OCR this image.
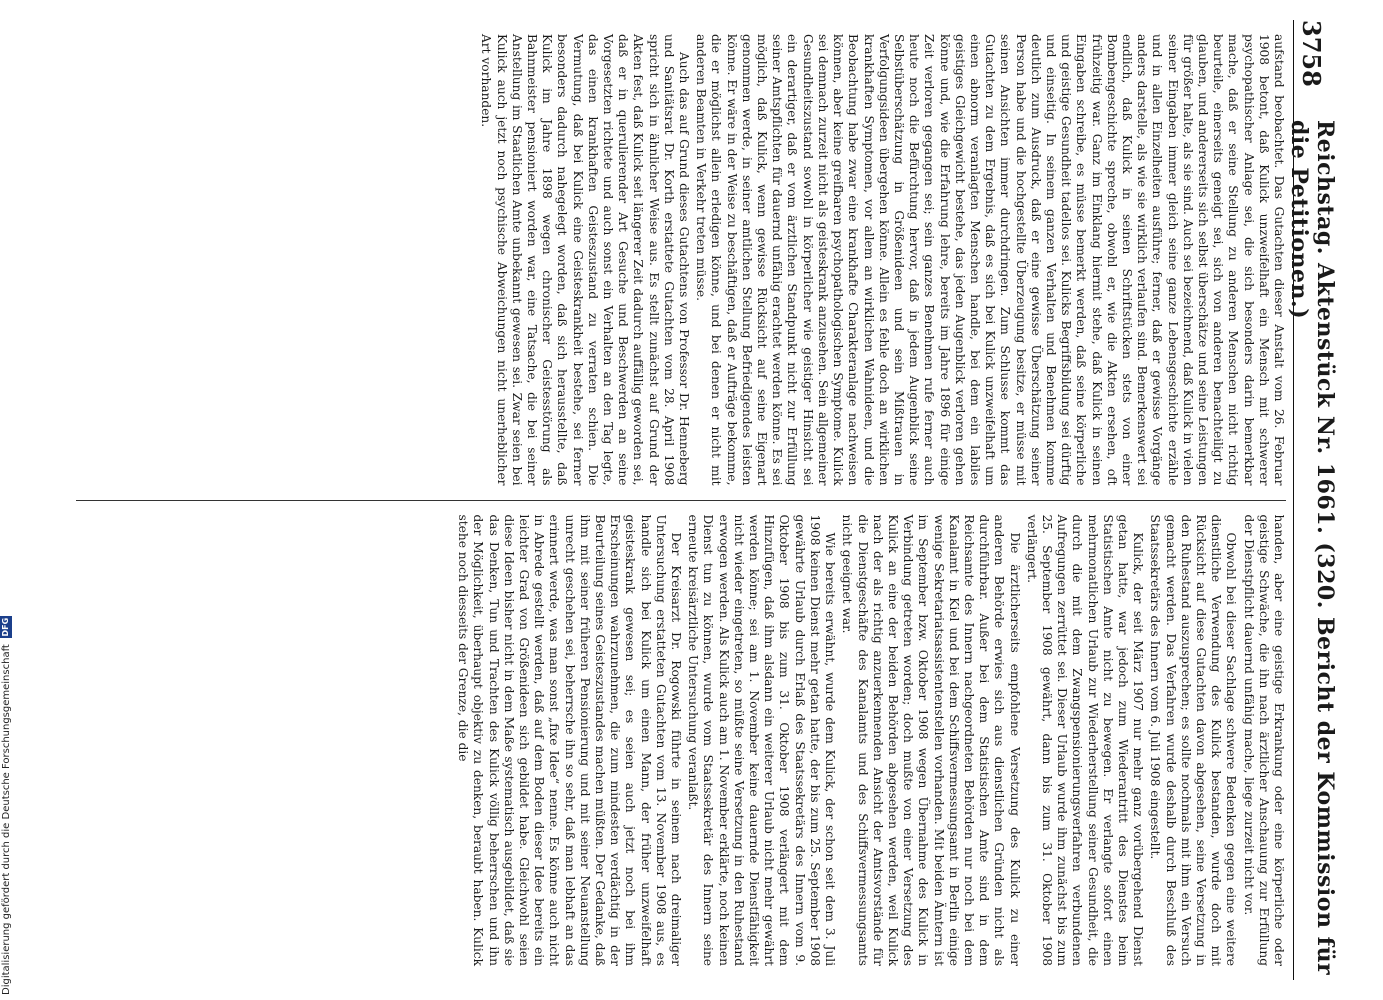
3758
Reichstag. Aktenstück Nr. 1661. (320. Bericht der Kommission für die Petitionen.)

aufstand beobachtet. Das Gutachten dieser Anstalt vom 26. Februar 1908 betont, daß Kulick unzweifelhaft ein Mensch mit schwerer psychopathischer Anlage sei, die sich besonders darin bemerkbar mache, daß er seine Stellung zu anderen Menschen nicht richtig beurteile, einerseits geneigt sei, sich von anderen benachteiligt zu glauben, und andererseits sich selbst überschätze und seine Leistungen für größer halte, als sie sind. Auch sei bezeichnend, daß Kulick in vielen seiner Eingaben immer gleich seine ganze Lebensgeschichte erzähle und in allen Einzelheiten ausführe; ferner, daß er gewisse Vorgänge anders darstelle, als wie sie wirklich verlaufen sind. Bemerkenswert sei endlich, daß Kulick in seinen Schriftstücken stets von einer Bombengeschichte spreche, obwohl er, wie die Akten ersehen, oft frühzeitig war. Ganz im Einklang hiermit stehe, daß Kulick in seinen Eingaben schreibe, es müsse bemerkt werden, daß seine körperliche und geistige Gesundheit tadellos sei. Kulicks Begriffsbildung sei dürftig und einseitig. In seinem ganzen Verhalten und Benehmen komme deutlich zum Ausdruck, daß er eine gewisse Überschätzung seiner Person habe und die hochgestellte Überzeugung besitze, er müsse mit seinen Ansichten immer durchdringen. Zum Schlusse kommt das Gutachten zu dem Ergebnis, daß es sich bei Kulick unzweifelhaft um einen abnorm veranlagten Menschen handle, bei dem ein labiles geistiges Gleichgewicht bestehe, das jeden Augenblick verloren gehen könne und, wie die Erfahrung lehre, bereits im Jahre 1896 für einige Zeit verloren gegangen sei; sein ganzes Benehmen rufe ferner auch heute noch die Befürchtung hervor, daß in jedem Augenblick seine Selbstüberschätzung in Größenideen und sein Mißtrauen in Verfolgungsideen übergehen könne. Allein es fehle doch an wirklichen krankhaften Symptomen, vor allem an wirklichen Wahnideen, und die Beobachtung habe zwar eine krankhafte Charakteranlage nachweisen können, aber keine greifbaren psychopathologischen Symptome. Kulick sei demnach zurzeit nicht als geisteskrank anzusehen. Sein allgemeiner Gesundheitszustand sowohl in körperlicher wie geistiger Hinsicht sei ein derartiger, daß er vom ärztlichen Standpunkt nicht zur Erfüllung seiner Amtspflichten für dauernd unfähig erachtet werden könne. Es sei möglich, daß Kulick, wenn gewisse Rücksicht auf seine Eigenart genommen werde, in seiner amtlichen Stellung Befriedigendes leisten könne. Er wäre in der Weise zu beschäftigen, daß er Aufträge bekomme, die er möglichst allein erledigen könne, und bei denen er nicht mit anderen Beamten in Verkehr treten müsse.

Auch das auf Grund dieses Gutachtens von Professor Dr. Henneberg und Sanitätsrat Dr. Korth erstattete Gutachten vom 28. April 1908 spricht sich in ähnlicher Weise aus. Es stellt zunächst auf Grund der Akten fest, daß Kulick seit längerer Zeit dadurch auffällig geworden sei, daß er in querulierender Art Gesuche und Beschwerden an seine Vorgesetzten richtete und auch sonst ein Verhalten an den Tag legte, das einen krankhaften Geisteszustand zu verraten schien. Die Vermutung, daß bei Kulick eine Geisteskrankheit bestehe, sei ferner besonders dadurch nahegelegt worden, daß sich herausstellte, daß Kulick im Jahre 1898 wegen chronischer Geistesstörung als Bahnmeister pensioniert worden war, eine Tatsache, die bei seiner Anstellung im Staatlichen Amte unbekannt gewesen sei. Zwar seien bei Kulick auch jetzt noch psychische Abweichungen nicht unerheblicher Art vorhanden.

handen, aber eine geistige Erkrankung oder eine körperliche oder geistige Schwäche, die ihn nach ärztlicher Anschauung zur Erfüllung der Dienstpflicht dauernd unfähig mache, liege zurzeit nicht vor.

Obwohl bei dieser Sachlage schwere Bedenken gegen eine weitere dienstliche Verwendung des Kulick bestanden, wurde doch mit Rücksicht auf diese Gutachten davon abgesehen, seine Versetzung in den Ruhestand auszusprechen; es sollte nochmals mit ihm ein Versuch gemacht werden. Das Verfahren wurde deshalb durch Beschluß des Staatssekretärs des Innern vom 6. Juli 1908 eingestellt.

Kulick, der seit März 1907 nur mehr ganz vorübergehend Dienst getan hatte, war jedoch zum Wiederantritt des Dienstes beim Statistischen Amte nicht zu bewegen. Er verlangte sofort einen mehrmonatlichen Urlaub zur Wiederherstellung seiner Gesundheit, die durch die mit dem Zwangspensionierungsverfahren verbundenen Aufregungen zerrüttet sei. Dieser Urlaub wurde ihm zunächst bis zum 25. September 1908 gewährt, dann bis zum 31. Oktober 1908 verlängert.

Die ärztlicherseits empfohlene Versetzung des Kulick zu einer anderen Behörde erwies sich aus dienstlichen Gründen nicht als durchführbar. Außer bei dem Statistischen Amte sind in dem Reichsamte des Innern nachgeordneten Behörden nur noch bei dem Kanalamt in Kiel und bei dem Schiffsvermessungsamt in Berlin einige wenige Sekretariatsassistentenstellen vorhanden. Mit beiden Ämtern ist im September bzw. Oktober 1908 wegen Übernahme des Kulick in Verbindung getreten worden; doch mußte von einer Versetzung des Kulick an eine der beiden Behörden abgesehen werden, weil Kulick nach der als richtig anzuerkennenden Ansicht der Amtsvorstände für die Dienstgeschäfte des Kanalamts und des Schiffsvermessungsamts nicht geeignet war.

Wie bereits erwähnt, wurde dem Kulick, der schon seit dem 3. Juli 1908 keinen Dienst mehr getan hatte, der bis zum 25. September 1908 gewährte Urlaub durch Erlaß des Staatssekretärs des Innern vom 9. Oktober 1908 bis zum 31. Oktober 1908 verlängert mit dem Hinzufügen, daß ihm alsdann ein weiterer Urlaub nicht mehr gewährt werden könne; sei am 1. November keine dauernde Dienstfähigkeit nicht wieder eingetreten, so müßte seine Versetzung in den Ruhestand erwogen werden. Als Kulick auch am 1. November erklärte, noch keinen Dienst tun zu können, wurde vom Staatssekretär des Innern seine erneute kreisärztliche Untersuchung veranlaßt.

Der Kreisarzt Dr. Rogowski führte in seinem nach dreimaliger Untersuchung erstatteten Gutachten vom 13. November 1908 aus, es handle sich bei Kulick um einen Mann, der früher unzweifelhaft geisteskrank gewesen sei; es seien auch jetzt noch bei ihm Erscheinungen wahrzunehmen, die zum mindesten verdächtig in der Beurteilung seines Geisteszustandes machen müßten. Der Gedanke, daß ihm mit seiner früheren Pensionierung und mit seiner Neuanstellung unrecht geschehen sei, beherrsche ihn so sehr, daß man lebhaft an das erinnert werde, was man sonst „fixe Idee“ nenne. Es könne auch nicht in Abrede gestellt werden, daß auf dem Boden dieser Idee bereits ein leichter Grad von Größenideen sich gebildet habe. Gleichwohl seien diese Ideen bisher nicht in dem Maße systematisch ausgebildet, daß sie das Denken, Tun und Trachten des Kulick völlig beherrschen und ihn der Möglichkeit, überhaupt objektiv zu denken, beraubt haben. Kulick stehe noch diesseits der Grenze, die die

Digitalisierung gefördert durch die Deutsche Forschungsgemeinschaft
DFG
